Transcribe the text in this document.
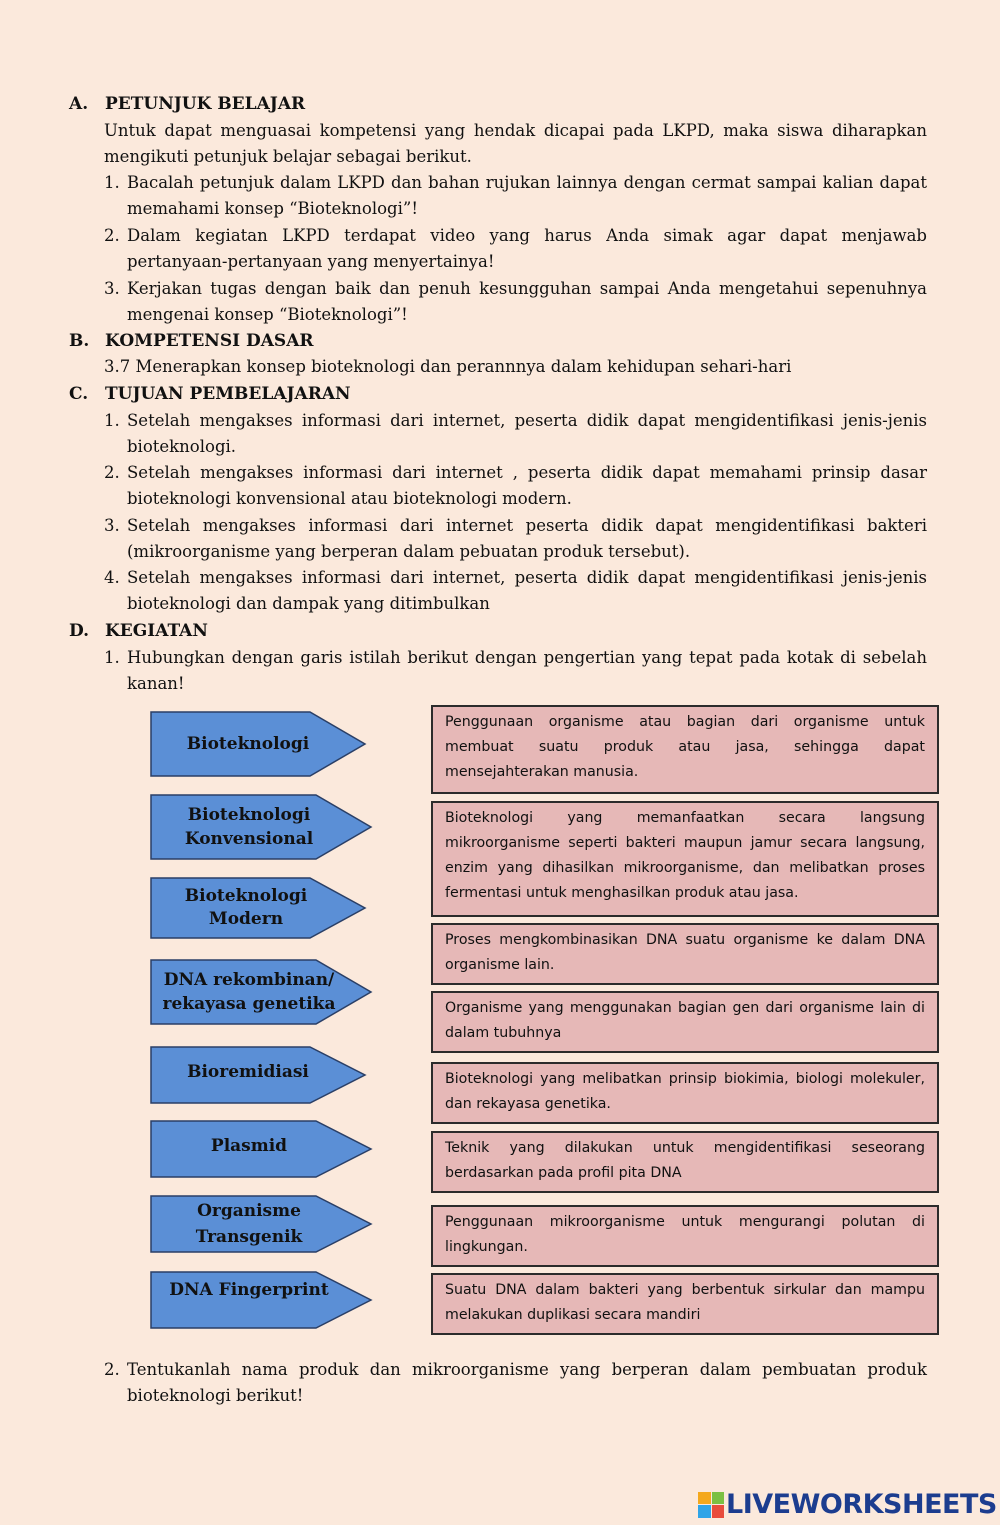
A. PETUNJUK BELAJAR
Untuk dapat menguasai kompetensi yang hendak dicapai pada LKPD, maka siswa diharapkan mengikuti petunjuk belajar sebagai berikut.
1. Bacalah petunjuk dalam LKPD dan bahan rujukan lainnya dengan cermat sampai kalian dapat memahami konsep “Bioteknologi”!
2. Dalam kegiatan LKPD terdapat video yang harus Anda simak agar dapat menjawab pertanyaan-pertanyaan yang menyertainya!
3. Kerjakan tugas dengan baik dan penuh kesungguhan sampai Anda mengetahui sepenuhnya mengenai konsep “Bioteknologi”!
B. KOMPETENSI DASAR
3.7 Menerapkan konsep bioteknologi dan perannnya dalam kehidupan sehari-hari
C. TUJUAN PEMBELAJARAN
1. Setelah mengakses informasi dari internet, peserta didik dapat mengidentifikasi jenis-jenis bioteknologi.
2. Setelah mengakses informasi dari internet , peserta didik dapat memahami prinsip dasar bioteknologi konvensional atau bioteknologi modern.
3. Setelah mengakses informasi dari internet peserta didik dapat mengidentifikasi bakteri (mikroorganisme yang berperan dalam pebuatan produk tersebut).
4. Setelah mengakses informasi dari internet, peserta didik dapat mengidentifikasi jenis-jenis bioteknologi dan dampak yang ditimbulkan
D. KEGIATAN
1. Hubungkan dengan garis istilah berikut dengan pengertian yang tepat pada kotak di sebelah kanan!
Bioteknologi
Bioteknologi
Konvensional
Bioteknologi
Modern
DNA rekombinan/
rekayasa genetika
Bioremidiasi
Plasmid
Organisme
Transgenik
DNA Fingerprint
Penggunaan organisme atau bagian dari organisme untuk membuat suatu produk atau jasa, sehingga dapat mensejahterakan manusia.
Bioteknologi yang memanfaatkan secara langsung mikroorganisme seperti bakteri maupun jamur secara langsung, enzim yang dihasilkan mikroorganisme, dan melibatkan proses fermentasi untuk menghasilkan produk atau jasa.
Proses mengkombinasikan DNA suatu organisme ke dalam DNA organisme lain.
Organisme yang menggunakan bagian gen dari organisme lain di dalam tubuhnya
Bioteknologi yang melibatkan prinsip biokimia, biologi molekuler, dan rekayasa genetika.
Teknik yang dilakukan untuk mengidentifikasi seseorang berdasarkan pada profil pita DNA
Penggunaan mikroorganisme untuk mengurangi polutan di lingkungan.
Suatu DNA dalam bakteri yang berbentuk sirkular dan mampu melakukan duplikasi secara mandiri
2. Tentukanlah nama produk dan mikroorganisme yang berperan dalam pembuatan produk bioteknologi berikut!
LIVEWORKSHEETS
